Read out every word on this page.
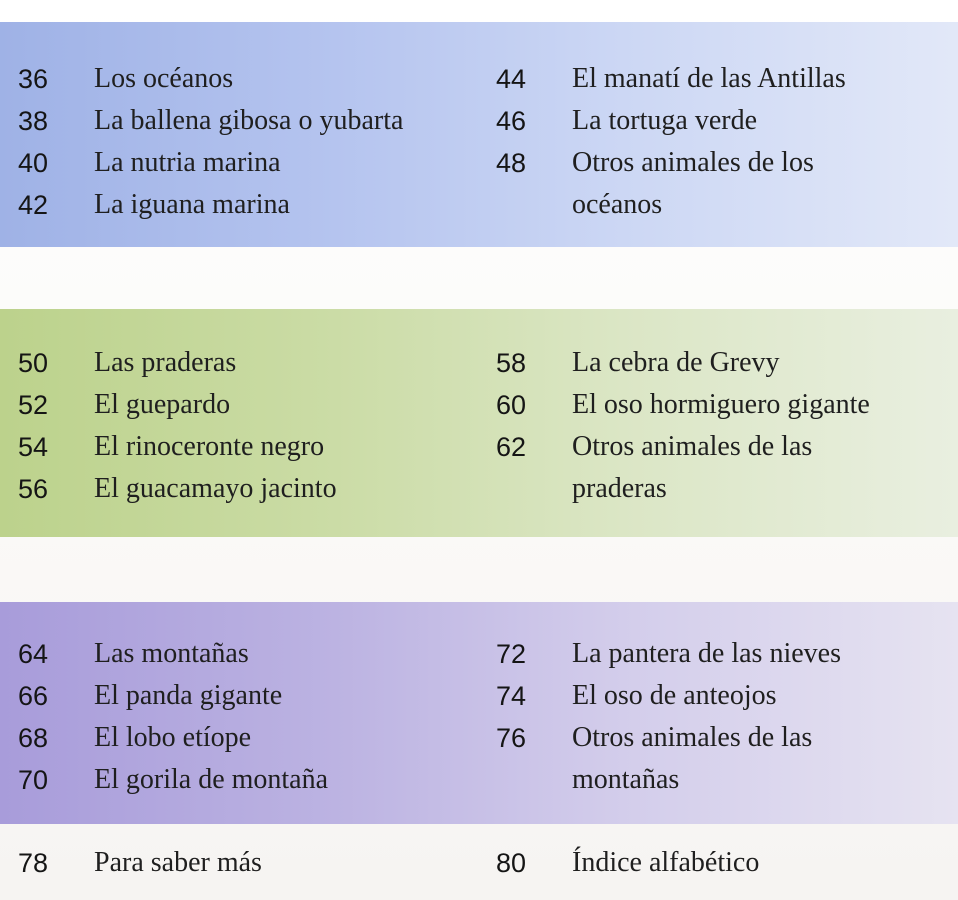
36	Los océanos
38	La ballena gibosa o yubarta
40	La nutria marina
42	La iguana marina
44	El manatí de las Antillas
46	La tortuga verde
48	Otros animales de los océanos
50	Las praderas
52	El guepardo
54	El rinoceronte negro
56	El guacamayo jacinto
58	La cebra de Grevy
60	El oso hormiguero gigante
62	Otros animales de las praderas
64	Las montañas
66	El panda gigante
68	El lobo etíope
70	El gorila de montaña
72	La pantera de las nieves
74	El oso de anteojos
76	Otros animales de las montañas
78	Para saber más	80	Índice alfabético
